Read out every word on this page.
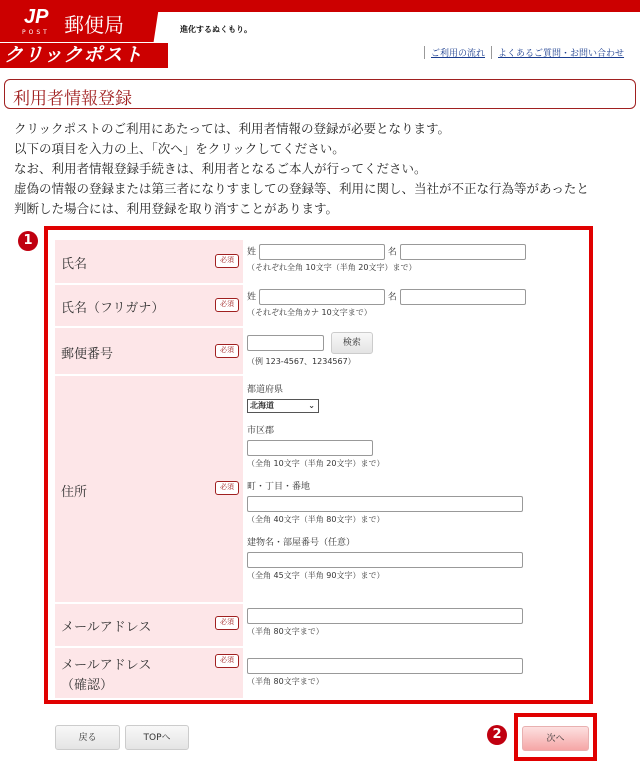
JP
POST 郵便局	進化するぬくもり。
クリックポスト	ご利用の流れ	よくあるご質問・お問い合わせ
利用者情報登録
クリックポストのご利用にあたっては、利用者情報の登録が必要となります。
以下の項目を入力の上、「次へ」をクリックしてください。
なお、利用者情報登録手続きは、利用者となるご本人が行ってください。
虚偽の情報の登録または第三者になりすましての登録等、利用に関し、当社が不正な行為等があったと
判断した場合には、利用登録を取り消すことがあります。
1
氏名	必須
姓	名
（それぞれ全角 10文字（半角 20文字）まで）
氏名（フリガナ）	必須
姓	名
（それぞれ全角カナ 10文字まで）
郵便番号	必須
検索
（例 123-4567、1234567）
住所	必須
都道府県
北海道	⌄
市区郡
（全角 10文字（半角 20文字）まで）
町・丁目・番地
（全角 40文字（半角 80文字）まで）
建物名・部屋番号（任意）
（全角 45文字（半角 90文字）まで）
メールアドレス	必須
（半角 80文字まで）
メールアドレス
（確認）
必須
（半角 80文字まで）
戻る	TOPへ	2	次へ
